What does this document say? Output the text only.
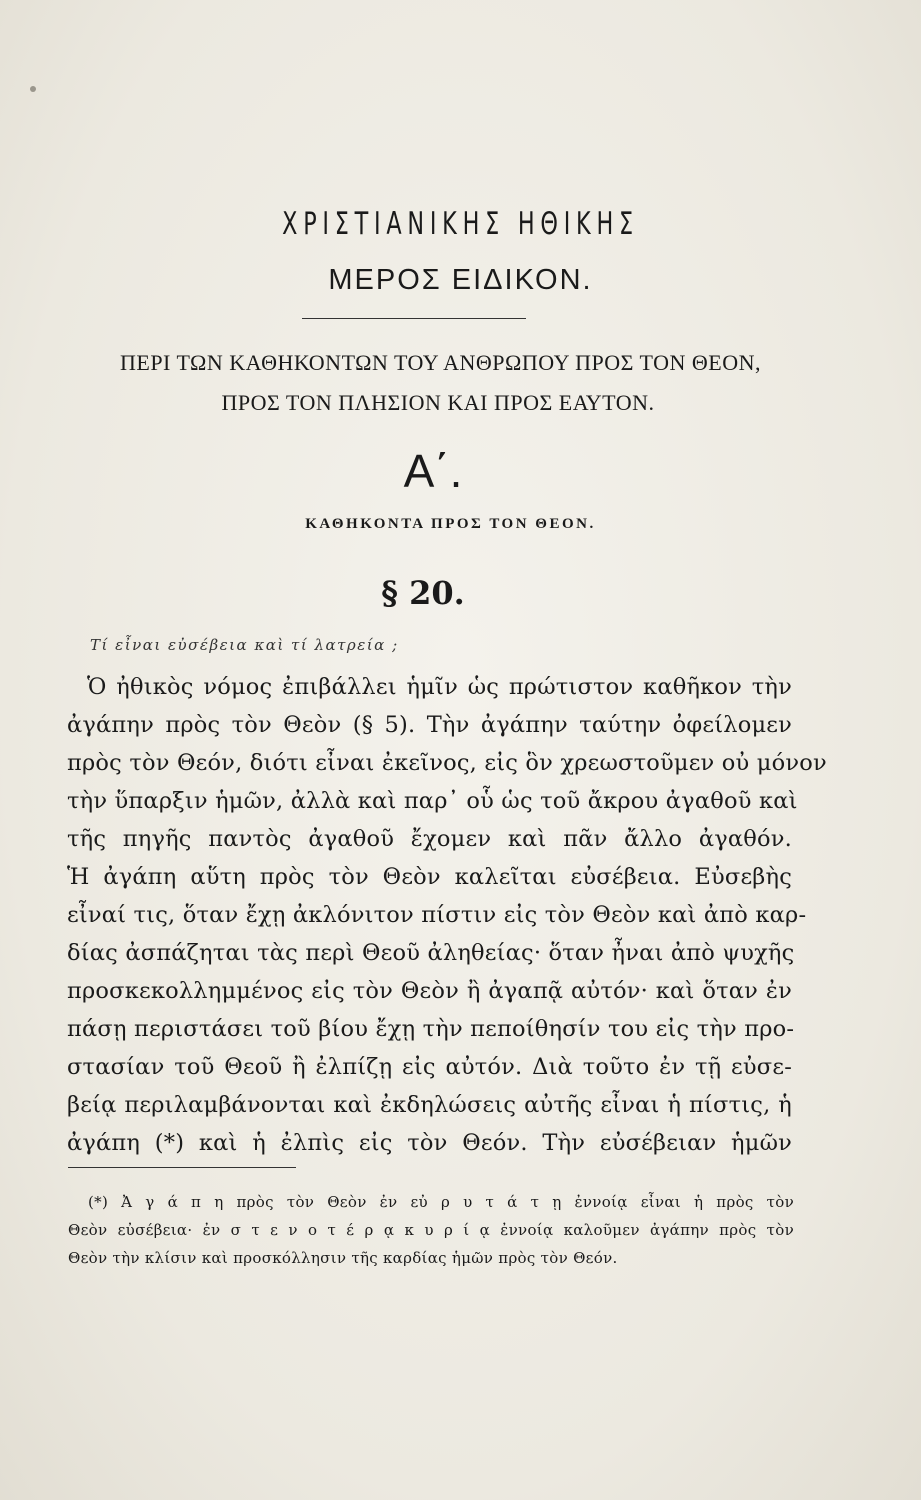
ΧΡΙΣΤΙΑΝΙΚΗΣ ΗΘΙΚΗΣ
ΜΕΡΟΣ ΕΙΔΙΚΟΝ.
ΠΕΡΙ ΤΩΝ ΚΑΘΗΚΟΝΤΩΝ ΤΟΥ ΑΝΘΡΩΠΟΥ ΠΡΟΣ ΤΟΝ ΘΕΟΝ,
ΠΡΟΣ ΤΟΝ ΠΛΗΣΙΟΝ ΚΑΙ ΠΡΟΣ ΕΑΥΤΟΝ.
Α΄.
ΚΑΘΗΚΟΝΤΑ ΠΡΟΣ ΤΟΝ ΘΕΟΝ.
§ 20.
Τί εἶναι εὐσέβεια καὶ τί λατρεία ;
Ὁ ἠθικὸς νόμος ἐπιβάλλει ἡμῖν ὡς πρώτιστον καθῆκον τὴν
ἀγάπην πρὸς τὸν Θεὸν (§ 5). Τὴν ἀγάπην ταύτην ὀφείλομεν
πρὸς τὸν Θεόν, διότι εἶναι ἐκεῖνος, εἰς ὃν χρεωστοῦμεν οὐ μόνον
τὴν ὕπαρξιν ἡμῶν, ἀλλὰ καὶ παρ᾽ οὗ ὡς τοῦ ἄκρου ἀγαθοῦ καὶ
τῆς πηγῆς παντὸς ἀγαθοῦ ἔχομεν καὶ πᾶν ἄλλο ἀγαθόν.
Ἡ ἀγάπη αὕτη πρὸς τὸν Θεὸν καλεῖται εὐσέβεια. Εὐσεβὴς
εἶναί τις, ὅταν ἔχῃ ἀκλόνιτον πίστιν εἰς τὸν Θεὸν καὶ ἀπὸ καρ-
δίας ἀσπάζηται τὰς περὶ Θεοῦ ἀληθείας· ὅταν ἦναι ἀπὸ ψυχῆς
προσκεκολλημμένος εἰς τὸν Θεὸν ἢ ἀγαπᾷ αὐτόν· καὶ ὅταν ἐν
πάσῃ περιστάσει τοῦ βίου ἔχῃ τὴν πεποίθησίν του εἰς τὴν προ-
στασίαν τοῦ Θεοῦ ἢ ἐλπίζῃ εἰς αὐτόν. Διὰ τοῦτο ἐν τῇ εὐσε-
βείᾳ περιλαμβάνονται καὶ ἐκδηλώσεις αὐτῆς εἶναι ἡ πίστις, ἡ
ἀγάπη (*) καὶ ἡ ἐλπὶς εἰς τὸν Θεόν. Τὴν εὐσέβειαν ἡμῶν
(*) Ἀ γ ά π η πρὸς τὸν Θεὸν ἐν εὐ ρ υ τ ά τ ῃ ἐννοίᾳ εἶναι ἡ πρὸς τὸν
Θεὸν εὐσέβεια· ἐν σ τ ε ν ο τ έ ρ ᾳ κ υ ρ ί ᾳ ἐννοίᾳ καλοῦμεν ἀγάπην πρὸς τὸν
Θεὸν τὴν κλίσιν καὶ προσκόλλησιν τῆς καρδίας ἡμῶν πρὸς τὸν Θεόν.
